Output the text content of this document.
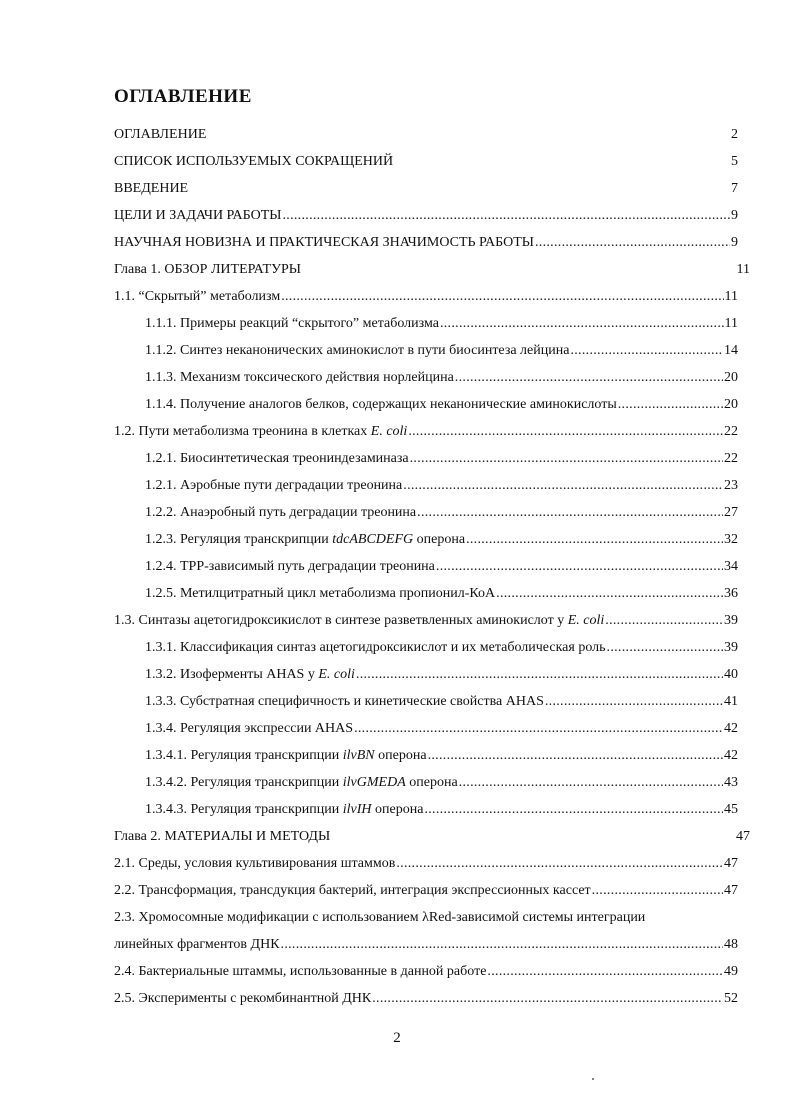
ОГЛАВЛЕНИЕ
ОГЛАВЛЕНИЕ	2
СПИСОК ИСПОЛЬЗУЕМЫХ СОКРАЩЕНИЙ	5
ВВЕДЕНИЕ	7
ЦЕЛИ И ЗАДАЧИ РАБОТЫ .....	9
НАУЧНАЯ НОВИЗНА И ПРАКТИЧЕСКАЯ ЗНАЧИМОСТЬ РАБОТЫ .....	9
Глава 1. ОБЗОР ЛИТЕРАТУРЫ	11
1.1. “Скрытый” метаболизм .....	11
1.1.1. Примеры реакций “скрытого” метаболизма .....	11
1.1.2. Синтез неканонических аминокислот в пути биосинтеза лейцина .....	14
1.1.3. Механизм токсического действия норлейцина .....	20
1.1.4. Получение аналогов белков, содержащих неканонические аминокислоты .....	20
1.2. Пути метаболизма треонина в клетках E. coli .....	22
1.2.1. Биосинтетическая треониндезаминаза .....	22
1.2.1. Аэробные пути деградации треонина .....	23
1.2.2. Анаэробный путь деградации треонина .....	27
1.2.3. Регуляция транскрипции tdcABCDEFG оперона .....	32
1.2.4. ТРР-зависимый путь деградации треонина .....	34
1.2.5. Метилцитратный цикл метаболизма пропионил-КоА .....	36
1.3. Синтазы ацетогидроксикислот в синтезе разветвленных аминокислот у E. coli .....	39
1.3.1. Классификация синтаз ацетогидроксикислот и их метаболическая роль .....	39
1.3.2. Изоферменты AHAS у E. coli .....	40
1.3.3. Субстратная специфичность и кинетические свойства AHAS .....	41
1.3.4. Регуляция экспрессии AHAS .....	42
1.3.4.1. Регуляция транскрипции ilvBN оперона .....	42
1.3.4.2. Регуляция транскрипции ilvGMEDA оперона .....	43
1.3.4.3. Регуляция транскрипции ilvIH оперона .....	45
Глава 2. МАТЕРИАЛЫ И МЕТОДЫ	47
2.1. Среды, условия культивирования штаммов .....	47
2.2. Трансформация, трансдукция бактерий, интеграция экспрессионных кассет .....	47
2.3. Хромосомные модификации с использованием λRed-зависимой системы интеграции
линейных фрагментов ДНК .....	48
2.4. Бактериальные штаммы, использованные в данной работе .....	49
2.5. Эксперименты с рекомбинантной ДНК .....	52
2
